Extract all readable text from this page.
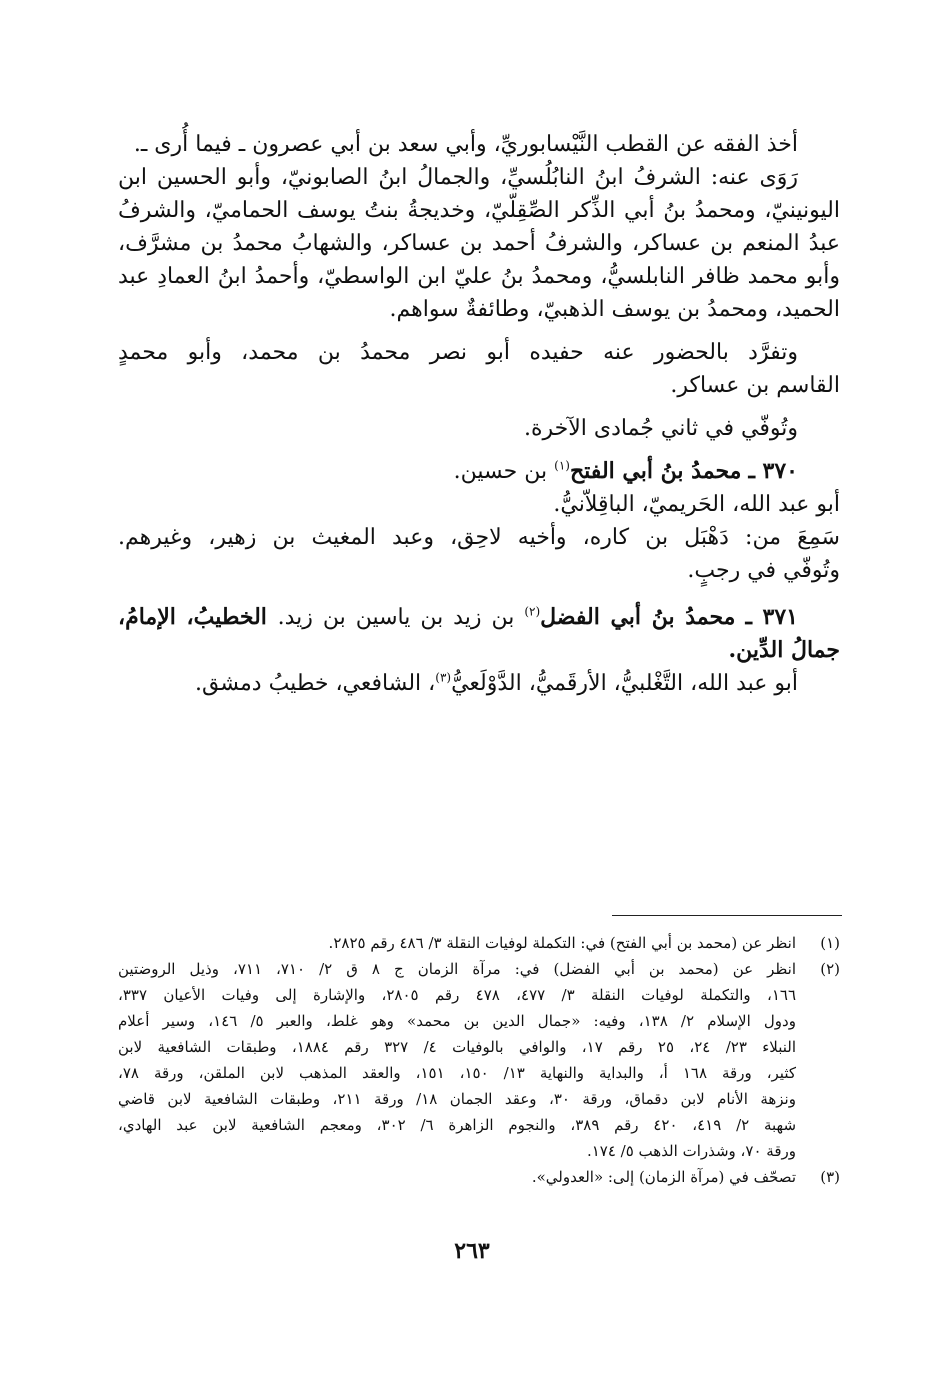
أخذ الفقه عن القطب النَّيْسابوريِّ، وأبي سعد بن أبي عصرون ـ فيما أُرى ـ.
رَوَى عنه: الشرفُ ابنُ النابُلُسيِّ، والجمالُ ابنُ الصابونيّ، وأبو الحسين ابن
اليونينيّ، ومحمدُ بنُ أبي الذِّكر الصِّقِلّيّ، وخديجةُ بنتُ يوسف الحماميّ، والشرفُ
عبدُ المنعم بن عساكر، والشرفُ أحمد بن عساكر، والشهابُ محمدُ بن مشرَّف،
وأبو محمد ظافر النابلسيُّ، ومحمدُ بنُ عليّ ابن الواسطيّ، وأحمدُ ابنُ العمادِ عبد
الحميد، ومحمدُ بن يوسف الذهبيّ، وطائفةٌ سواهم.
وتفرَّد بالحضور عنه حفيده أبو نصر محمدُ بن محمد، وأبو محمدٍ
القاسم بن عساكر.
وتُوفّي في ثاني جُمادى الآخرة.
٣٧٠ ـ محمدُ بنُ أبي الفتح$^{(١)}$ بن حسين.
أبو عبد الله، الحَريميّ، الباقِلاّنيُّ.
سَمِعَ من: دَهْبَل بن كاره، وأخيه لاحِق، وعبد المغيث بن زهير، وغيرهم.
وتُوفّي في رجبٍ.
٣٧١ ـ محمدُ بنُ أبي الفضل$^{(٢)}$ بن زيد بن ياسين بن زيد. الخطيبُ، الإمامُ،
جمالُ الدِّين.
أبو عبد الله، التَّغْلبيُّ، الأرقَميُّ، الدَّوْلَعيُّ$^{(٣)}$، الشافعي، خطيبُ دمشق.
(١)
انظر عن (محمد بن أبي الفتح) في: التكملة لوفيات النقلة ٣/ ٤٨٦ رقم ٢٨٢٥.
(٢)
انظر عن (محمد بن أبي الفضل) في: مرآة الزمان ج ٨ ق ٢/ ٧١٠، ٧١١، وذيل الروضتين
١٦٦، والتكملة لوفيات النقلة ٣/ ٤٧٧، ٤٧٨ رقم ٢٨٠٥، والإشارة إلى وفيات الأعيان ٣٣٧،
ودول الإسلام ٢/ ١٣٨، وفيه: «جمال الدين بن محمد» وهو غلط، والعبر ٥/ ١٤٦، وسير أعلام
النبلاء ٢٣/ ٢٤، ٢٥ رقم ١٧، والوافي بالوفيات ٤/ ٣٢٧ رقم ١٨٨٤، وطبقات الشافعية لابن
كثير، ورقة ١٦٨ أ، والبداية والنهاية ١٣/ ١٥٠، ١٥١، والعقد المذهب لابن الملقن، ورقة ٧٨،
ونزهة الأنام لابن دقماق، ورقة ٣٠، وعقد الجمان ١٨/ ورقة ٢١١، وطبقات الشافعية لابن قاضي
شهبة ٢/ ٤١٩، ٤٢٠ رقم ٣٨٩، والنجوم الزاهرة ٦/ ٣٠٢، ومعجم الشافعية لابن عبد الهادي،
ورقة ٧٠، وشذرات الذهب ٥/ ١٧٤.
(٣)
تصحّف في (مرآة الزمان) إلى: «العدولي».
٢٦٣
